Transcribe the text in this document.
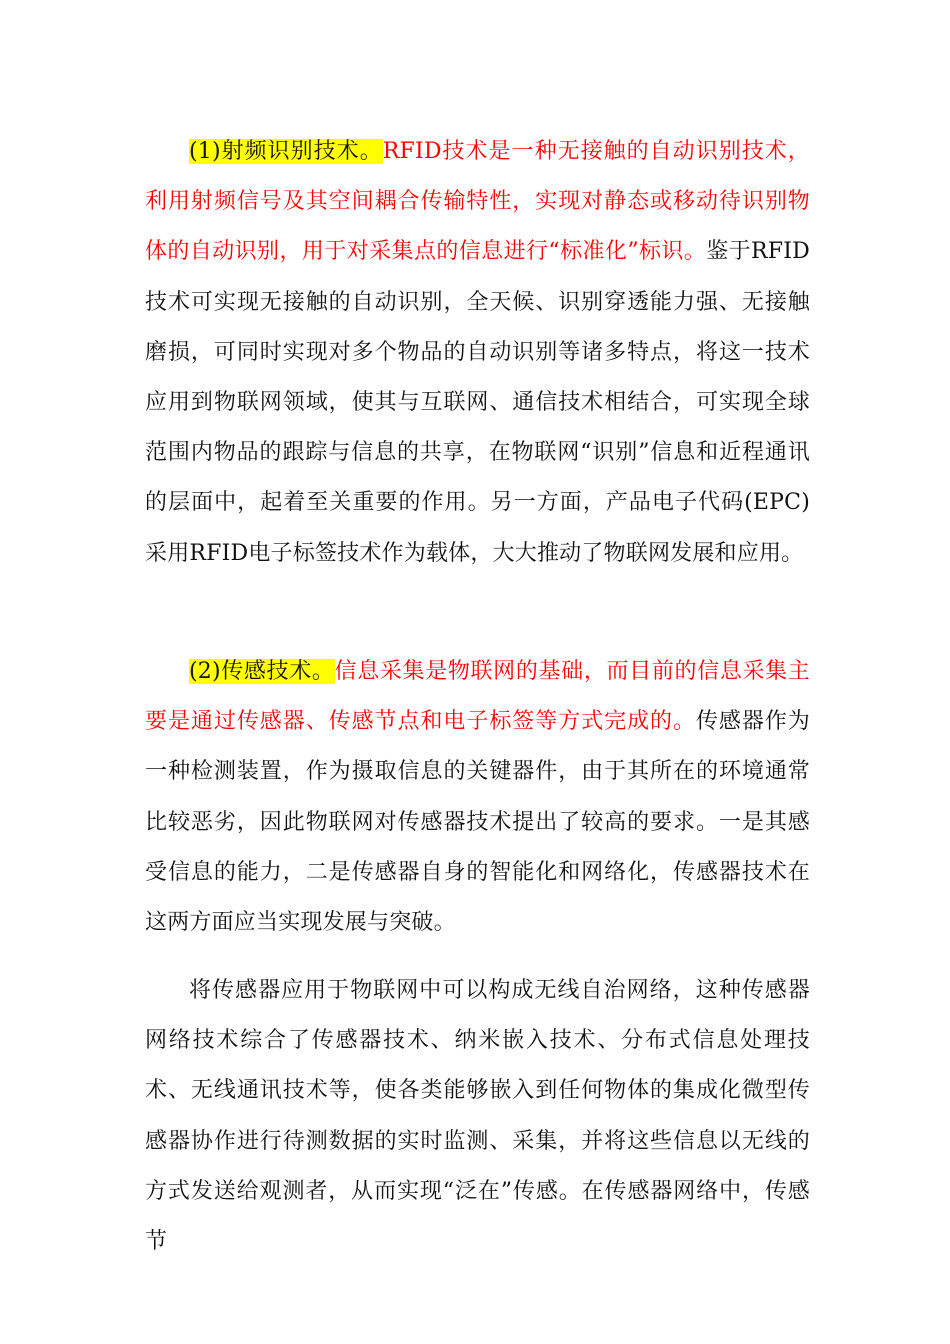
(1)射频识别技术。RFID技术是一种无接触的自动识别技术，利用射频信号及其空间耦合传输特性，实现对静态或移动待识别物体的自动识别，用于对采集点的信息进行“标准化”标识。鉴于RFID技术可实现无接触的自动识别，全天候、识别穿透能力强、无接触磨损，可同时实现对多个物品的自动识别等诸多特点，将这一技术应用到物联网领域，使其与互联网、通信技术相结合，可实现全球范围内物品的跟踪与信息的共享，在物联网“识别”信息和近程通讯的层面中，起着至关重要的作用。另一方面，产品电子代码(EPC)采用RFID电子标签技术作为载体，大大推动了物联网发展和应用。

(2)传感技术。信息采集是物联网的基础，而目前的信息采集主要是通过传感器、传感节点和电子标签等方式完成的。传感器作为一种检测装置，作为摄取信息的关键器件，由于其所在的环境通常比较恶劣，因此物联网对传感器技术提出了较高的要求。一是其感受信息的能力，二是传感器自身的智能化和网络化，传感器技术在这两方面应当实现发展与突破。

将传感器应用于物联网中可以构成无线自治网络，这种传感器网络技术综合了传感器技术、纳米嵌入技术、分布式信息处理技术、无线通讯技术等，使各类能够嵌入到任何物体的集成化微型传感器协作进行待测数据的实时监测、采集，并将这些信息以无线的方式发送给观测者，从而实现“泛在”传感。在传感器网络中，传感节
